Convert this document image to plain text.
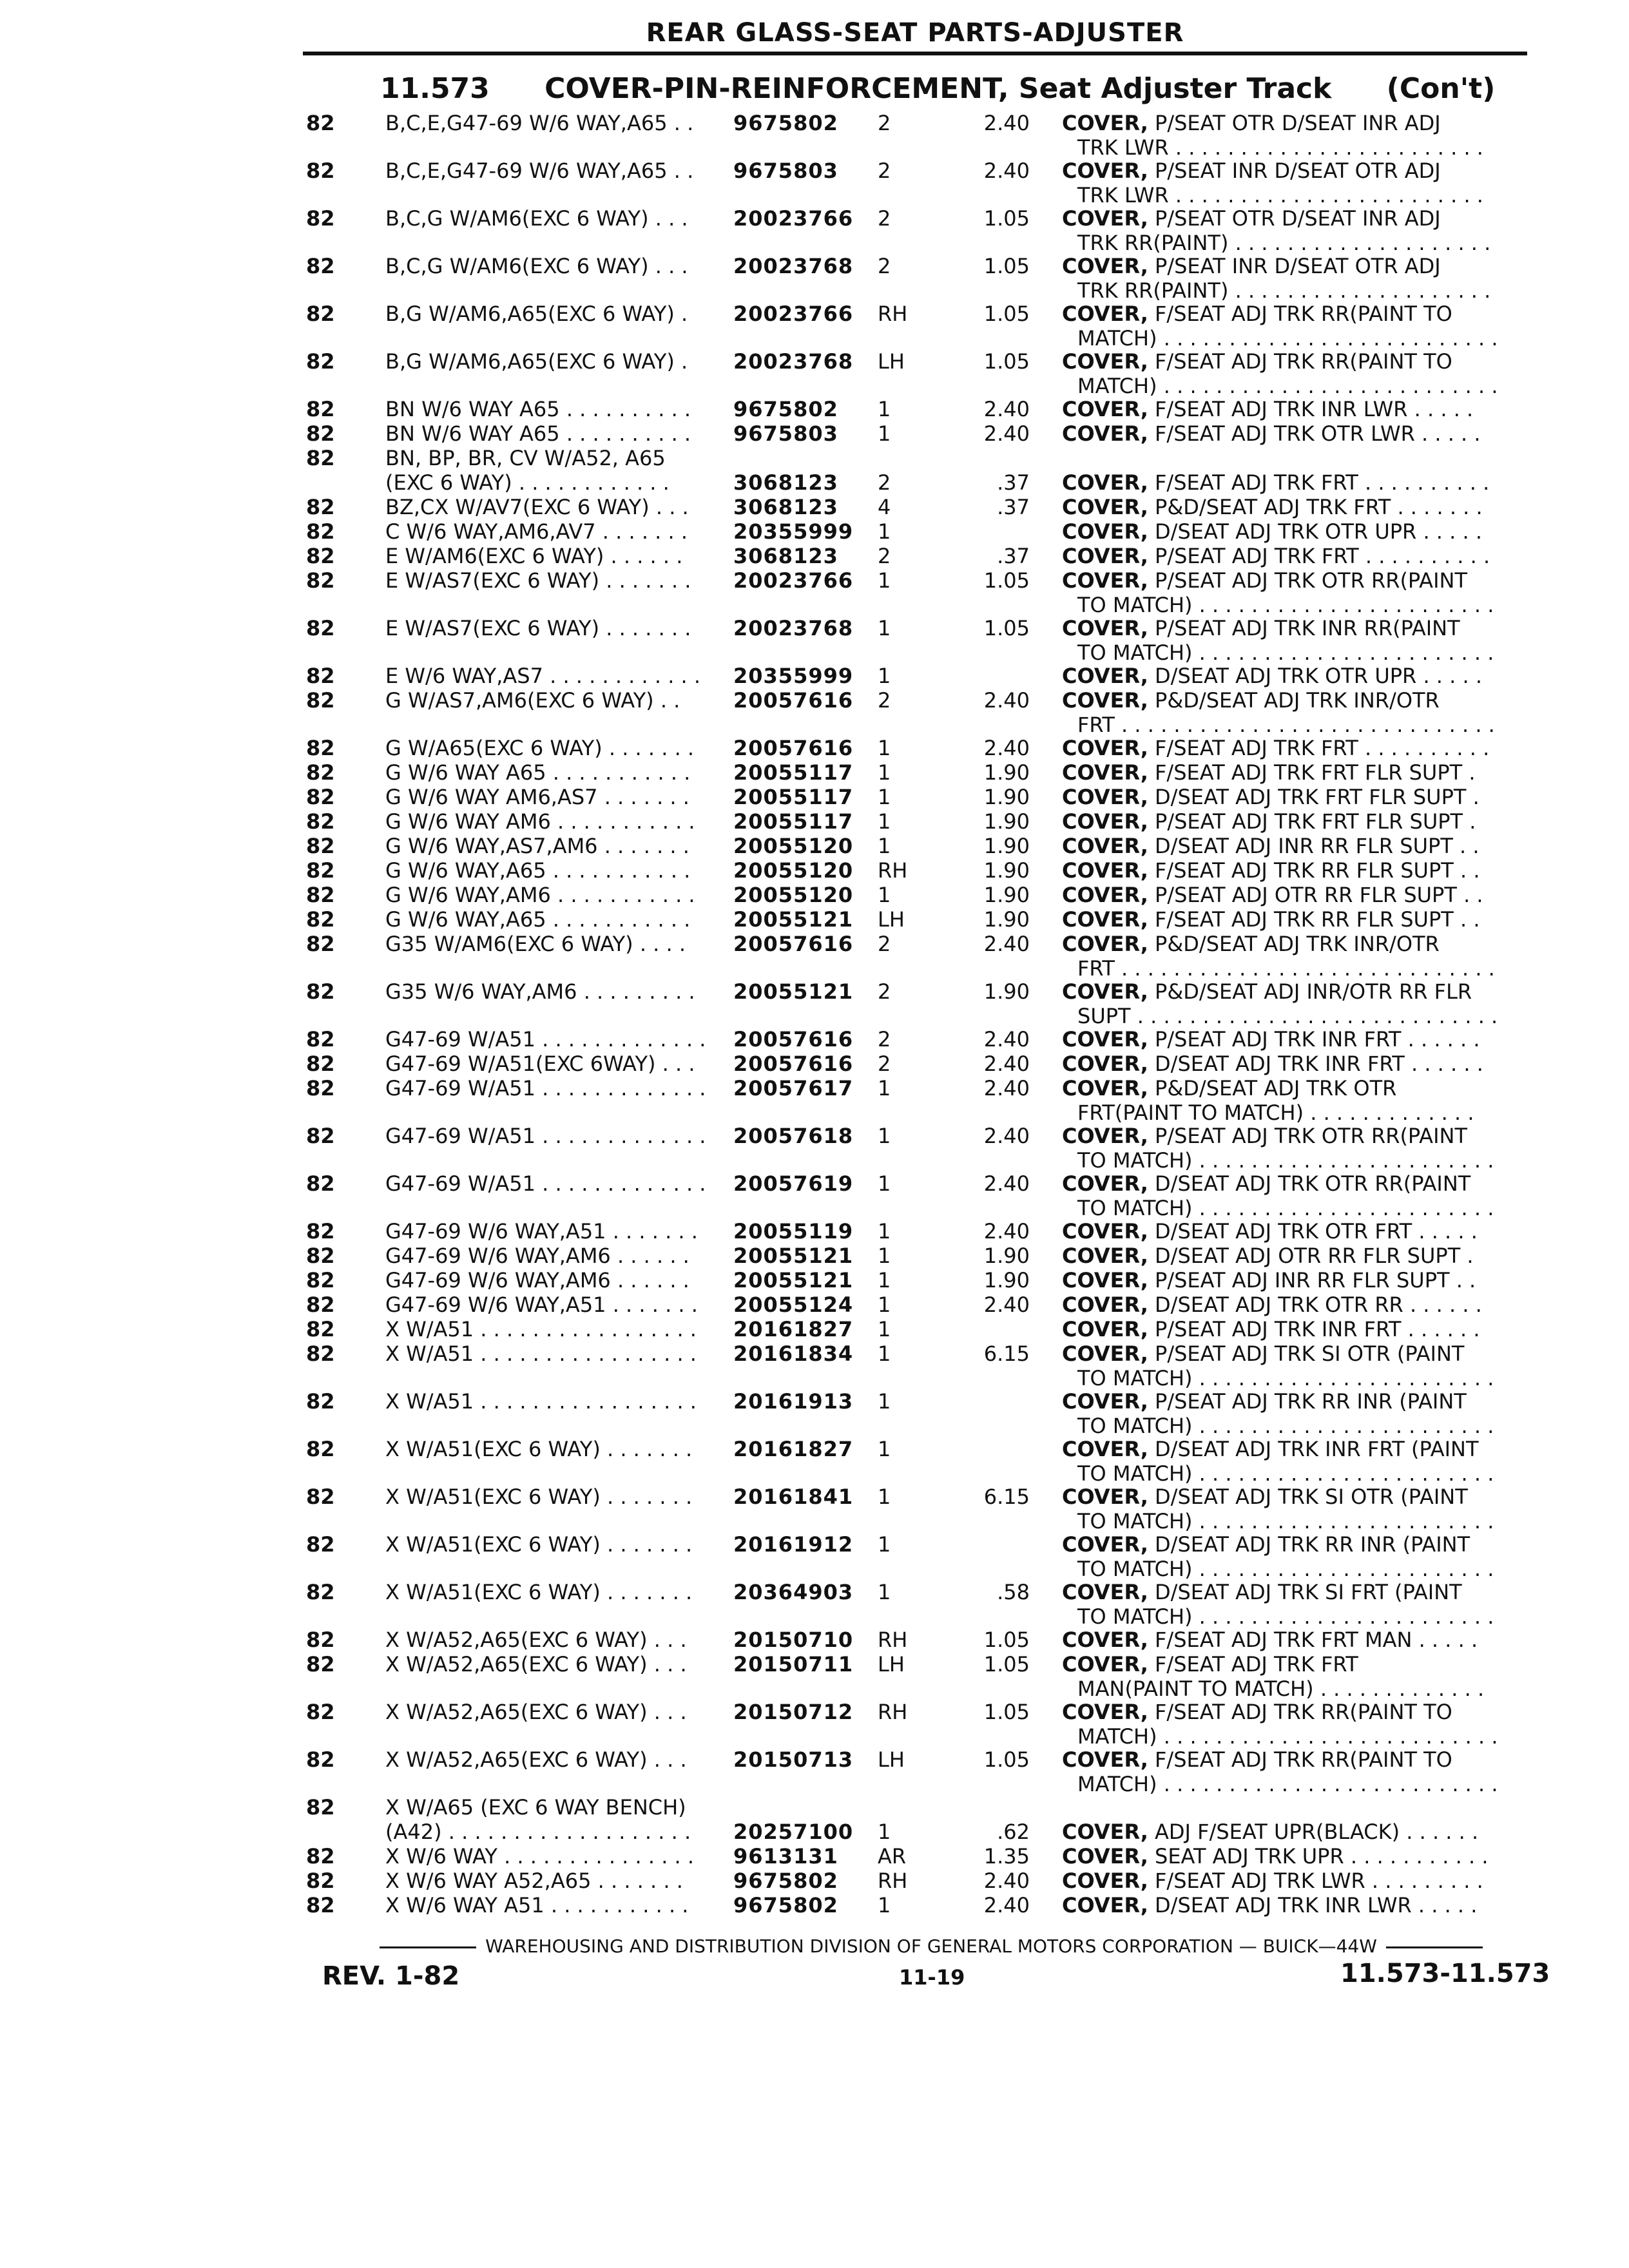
REAR GLASS-SEAT PARTS-ADJUSTER
11.573 COVER-PIN-REINFORCEMENT, Seat Adjuster Track (Con't)
82	B,C,E,G47-69 W/6 WAY,A65 . .	9675802	2	2.40 COVER, P/SEAT OTR D/SEAT INR ADJ
TRK LWR . . . . . . . . . . . . . . . . . . . . . . . .
82	B,C,E,G47-69 W/6 WAY,A65 . .	9675803	2	2.40 COVER, P/SEAT INR D/SEAT OTR ADJ
TRK LWR . . . . . . . . . . . . . . . . . . . . . . . .
82	B,C,G W/AM6(EXC 6 WAY) . . .	20023766	2	1.05 COVER, P/SEAT OTR D/SEAT INR ADJ
TRK RR(PAINT) . . . . . . . . . . . . . . . . . . . .
82	B,C,G W/AM6(EXC 6 WAY) . . .	20023768	2	1.05 COVER, P/SEAT INR D/SEAT OTR ADJ
TRK RR(PAINT) . . . . . . . . . . . . . . . . . . . .
82	B,G W/AM6,A65(EXC 6 WAY) .	20023766	RH	1.05 COVER, F/SEAT ADJ TRK RR(PAINT TO
MATCH) . . . . . . . . . . . . . . . . . . . . . . . . . .
82	B,G W/AM6,A65(EXC 6 WAY) .	20023768	LH	1.05 COVER, F/SEAT ADJ TRK RR(PAINT TO
MATCH) . . . . . . . . . . . . . . . . . . . . . . . . . .
82	BN W/6 WAY A65 . . . . . . . . . .	9675802	1	2.40 COVER, F/SEAT ADJ TRK INR LWR . . . . .
82	BN W/6 WAY A65 . . . . . . . . . .	9675803	1	2.40 COVER, F/SEAT ADJ TRK OTR LWR . . . . .
82	BN, BP, BR, CV W/A52, A65
(EXC 6 WAY) . . . . . . . . . . . .	3068123	2	.37 COVER, F/SEAT ADJ TRK FRT . . . . . . . . . .
82	BZ,CX W/AV7(EXC 6 WAY) . . .	3068123	4	.37 COVER, P&D/SEAT ADJ TRK FRT . . . . . . .
82	C W/6 WAY,AM6,AV7 . . . . . . .	20355999	1	COVER, D/SEAT ADJ TRK OTR UPR . . . . .
82	E W/AM6(EXC 6 WAY) . . . . . .	3068123	2	.37 COVER, P/SEAT ADJ TRK FRT . . . . . . . . . .
82	E W/AS7(EXC 6 WAY) . . . . . . .	20023766	1	1.05 COVER, P/SEAT ADJ TRK OTR RR(PAINT
TO MATCH) . . . . . . . . . . . . . . . . . . . . . . .
82	E W/AS7(EXC 6 WAY) . . . . . . .	20023768	1	1.05 COVER, P/SEAT ADJ TRK INR RR(PAINT
TO MATCH) . . . . . . . . . . . . . . . . . . . . . . .
82	E W/6 WAY,AS7 . . . . . . . . . . . .	20355999	1	COVER, D/SEAT ADJ TRK OTR UPR . . . . .
82	G W/AS7,AM6(EXC 6 WAY) . .	20057616	2	2.40 COVER, P&D/SEAT ADJ TRK INR/OTR
FRT . . . . . . . . . . . . . . . . . . . . . . . . . . . . .
82	G W/A65(EXC 6 WAY) . . . . . . .	20057616	1	2.40 COVER, F/SEAT ADJ TRK FRT . . . . . . . . . .
82	G W/6 WAY A65 . . . . . . . . . . .	20055117	1	1.90 COVER, F/SEAT ADJ TRK FRT FLR SUPT .
82	G W/6 WAY AM6,AS7 . . . . . . .	20055117	1	1.90 COVER, D/SEAT ADJ TRK FRT FLR SUPT .
82	G W/6 WAY AM6 . . . . . . . . . . .	20055117	1	1.90 COVER, P/SEAT ADJ TRK FRT FLR SUPT .
82	G W/6 WAY,AS7,AM6 . . . . . . .	20055120	1	1.90 COVER, D/SEAT ADJ INR RR FLR SUPT . .
82	G W/6 WAY,A65 . . . . . . . . . . .	20055120	RH	1.90 COVER, F/SEAT ADJ TRK RR FLR SUPT . .
82	G W/6 WAY,AM6 . . . . . . . . . . .	20055120	1	1.90 COVER, P/SEAT ADJ OTR RR FLR SUPT . .
82	G W/6 WAY,A65 . . . . . . . . . . .	20055121	LH	1.90 COVER, F/SEAT ADJ TRK RR FLR SUPT . .
82	G35 W/AM6(EXC 6 WAY) . . . .	20057616	2	2.40 COVER, P&D/SEAT ADJ TRK INR/OTR
FRT . . . . . . . . . . . . . . . . . . . . . . . . . . . . .
82	G35 W/6 WAY,AM6 . . . . . . . . .	20055121	2	1.90 COVER, P&D/SEAT ADJ INR/OTR RR FLR
SUPT . . . . . . . . . . . . . . . . . . . . . . . . . . . .
82	G47-69 W/A51 . . . . . . . . . . . . .	20057616	2	2.40 COVER, P/SEAT ADJ TRK INR FRT . . . . . .
82	G47-69 W/A51(EXC 6WAY) . . .	20057616	2	2.40 COVER, D/SEAT ADJ TRK INR FRT . . . . . .
82	G47-69 W/A51 . . . . . . . . . . . . .	20057617	1	2.40 COVER, P&D/SEAT ADJ TRK OTR
FRT(PAINT TO MATCH) . . . . . . . . . . . . .
82	G47-69 W/A51 . . . . . . . . . . . . .	20057618	1	2.40 COVER, P/SEAT ADJ TRK OTR RR(PAINT
TO MATCH) . . . . . . . . . . . . . . . . . . . . . . .
82	G47-69 W/A51 . . . . . . . . . . . . .	20057619	1	2.40 COVER, D/SEAT ADJ TRK OTR RR(PAINT
TO MATCH) . . . . . . . . . . . . . . . . . . . . . . .
82	G47-69 W/6 WAY,A51 . . . . . . .	20055119	1	2.40 COVER, D/SEAT ADJ TRK OTR FRT . . . . .
82	G47-69 W/6 WAY,AM6 . . . . . .	20055121	1	1.90 COVER, D/SEAT ADJ OTR RR FLR SUPT .
82	G47-69 W/6 WAY,AM6 . . . . . .	20055121	1	1.90 COVER, P/SEAT ADJ INR RR FLR SUPT . .
82	G47-69 W/6 WAY,A51 . . . . . . .	20055124	1	2.40 COVER, D/SEAT ADJ TRK OTR RR . . . . . .
82	X W/A51 . . . . . . . . . . . . . . . . .	20161827	1	COVER, P/SEAT ADJ TRK INR FRT . . . . . .
82	X W/A51 . . . . . . . . . . . . . . . . .	20161834	1	6.15 COVER, P/SEAT ADJ TRK SI OTR (PAINT
TO MATCH) . . . . . . . . . . . . . . . . . . . . . . .
82	X W/A51 . . . . . . . . . . . . . . . . .	20161913	1	COVER, P/SEAT ADJ TRK RR INR (PAINT
TO MATCH) . . . . . . . . . . . . . . . . . . . . . . .
82	X W/A51(EXC 6 WAY) . . . . . . .	20161827	1	COVER, D/SEAT ADJ TRK INR FRT (PAINT
TO MATCH) . . . . . . . . . . . . . . . . . . . . . . .
82	X W/A51(EXC 6 WAY) . . . . . . .	20161841	1	6.15 COVER, D/SEAT ADJ TRK SI OTR (PAINT
TO MATCH) . . . . . . . . . . . . . . . . . . . . . . .
82	X W/A51(EXC 6 WAY) . . . . . . .	20161912	1	COVER, D/SEAT ADJ TRK RR INR (PAINT
TO MATCH) . . . . . . . . . . . . . . . . . . . . . . .
82	X W/A51(EXC 6 WAY) . . . . . . .	20364903	1	.58 COVER, D/SEAT ADJ TRK SI FRT (PAINT
TO MATCH) . . . . . . . . . . . . . . . . . . . . . . .
82	X W/A52,A65(EXC 6 WAY) . . .	20150710	RH	1.05 COVER, F/SEAT ADJ TRK FRT MAN . . . . .
82	X W/A52,A65(EXC 6 WAY) . . .	20150711	LH	1.05 COVER, F/SEAT ADJ TRK FRT
MAN(PAINT TO MATCH) . . . . . . . . . . . . .
82	X W/A52,A65(EXC 6 WAY) . . .	20150712	RH	1.05 COVER, F/SEAT ADJ TRK RR(PAINT TO
MATCH) . . . . . . . . . . . . . . . . . . . . . . . . . .
82	X W/A52,A65(EXC 6 WAY) . . .	20150713	LH	1.05 COVER, F/SEAT ADJ TRK RR(PAINT TO
MATCH) . . . . . . . . . . . . . . . . . . . . . . . . . .
82	X W/A65 (EXC 6 WAY BENCH)
(A42) . . . . . . . . . . . . . . . . . . .	20257100	1	.62 COVER, ADJ F/SEAT UPR(BLACK) . . . . . .
82	X W/6 WAY . . . . . . . . . . . . . . .	9613131	AR	1.35 COVER, SEAT ADJ TRK UPR . . . . . . . . . . .
82	X W/6 WAY A52,A65 . . . . . . .	9675802	RH	2.40 COVER, F/SEAT ADJ TRK LWR . . . . . . . . .
82	X W/6 WAY A51 . . . . . . . . . . .	9675802	1	2.40 COVER, D/SEAT ADJ TRK INR LWR . . . . .
WAREHOUSING AND DISTRIBUTION DIVISION OF GENERAL MOTORS CORPORATION — BUICK—44W
REV. 1-82	11-19	11.573-11.573
